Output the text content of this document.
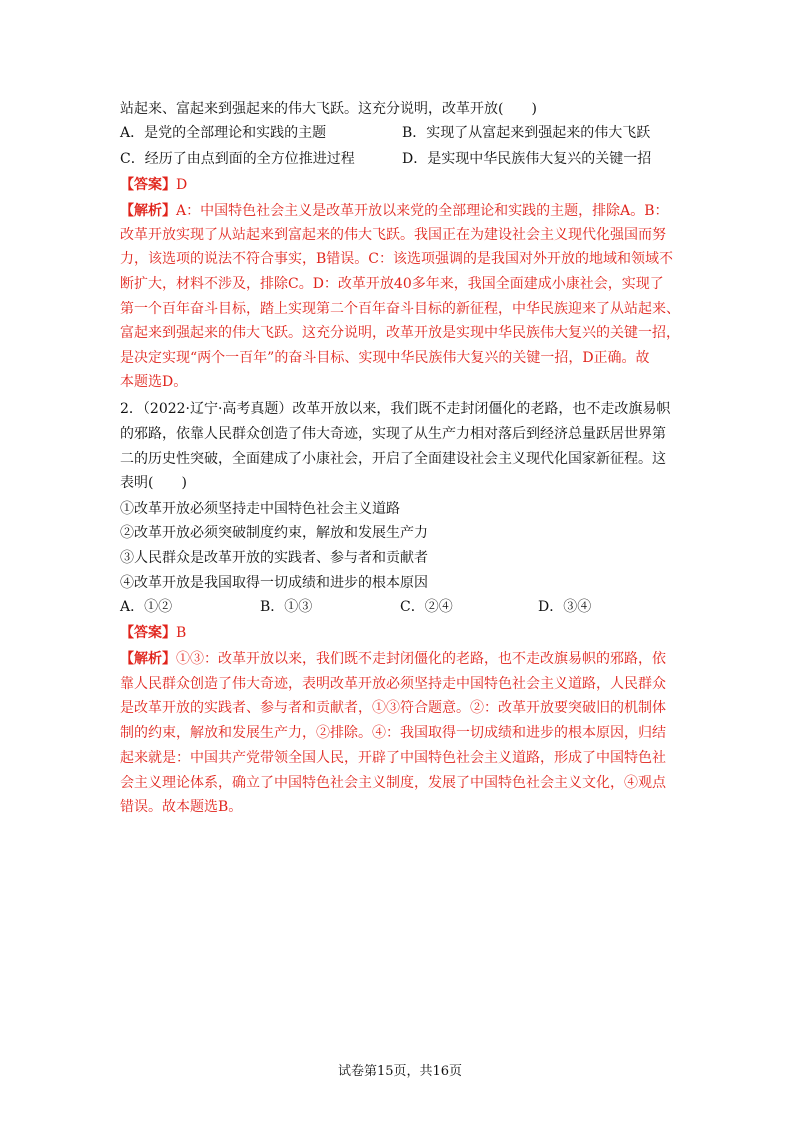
站起来、富起来到强起来的伟大飞跃。这充分说明，改革开放(　　)
A．是党的全部理论和实践的主题	B．实现了从富起来到强起来的伟大飞跃
C．经历了由点到面的全方位推进过程	D．是实现中华民族伟大复兴的关键一招
【答案】D
【解析】A：中国特色社会主义是改革开放以来党的全部理论和实践的主题，排除A。B：
改革开放实现了从站起来到富起来的伟大飞跃。我国正在为建设社会主义现代化强国而努
力，该选项的说法不符合事实，B错误。C：该选项强调的是我国对外开放的地域和领域不
断扩大，材料不涉及，排除C。D：改革开放40多年来，我国全面建成小康社会，实现了
第一个百年奋斗目标，踏上实现第二个百年奋斗目标的新征程，中华民族迎来了从站起来、
富起来到强起来的伟大飞跃。这充分说明，改革开放是实现中华民族伟大复兴的关键一招，
是决定实现“两个一百年”的奋斗目标、实现中华民族伟大复兴的关键一招，D正确。故
本题选D。
2．（2022·辽宁·高考真题）改革开放以来，我们既不走封闭僵化的老路，也不走改旗易帜
的邪路，依靠人民群众创造了伟大奇迹，实现了从生产力相对落后到经济总量跃居世界第
二的历史性突破，全面建成了小康社会，开启了全面建设社会主义现代化国家新征程。这
表明(　　)
①改革开放必须坚持走中国特色社会主义道路
②改革开放必须突破制度约束，解放和发展生产力
③人民群众是改革开放的实践者、参与者和贡献者
④改革开放是我国取得一切成绩和进步的根本原因
A．①②	B．①③	C．②④	D．③④
【答案】B
【解析】①③：改革开放以来，我们既不走封闭僵化的老路，也不走改旗易帜的邪路，依
靠人民群众创造了伟大奇迹，表明改革开放必须坚持走中国特色社会主义道路，人民群众
是改革开放的实践者、参与者和贡献者，①③符合题意。②：改革开放要突破旧的机制体
制的约束，解放和发展生产力，②排除。④：我国取得一切成绩和进步的根本原因，归结
起来就是：中国共产党带领全国人民，开辟了中国特色社会主义道路，形成了中国特色社
会主义理论体系，确立了中国特色社会主义制度，发展了中国特色社会主义文化，④观点
错误。故本题选B。
试卷第15页，共16页
